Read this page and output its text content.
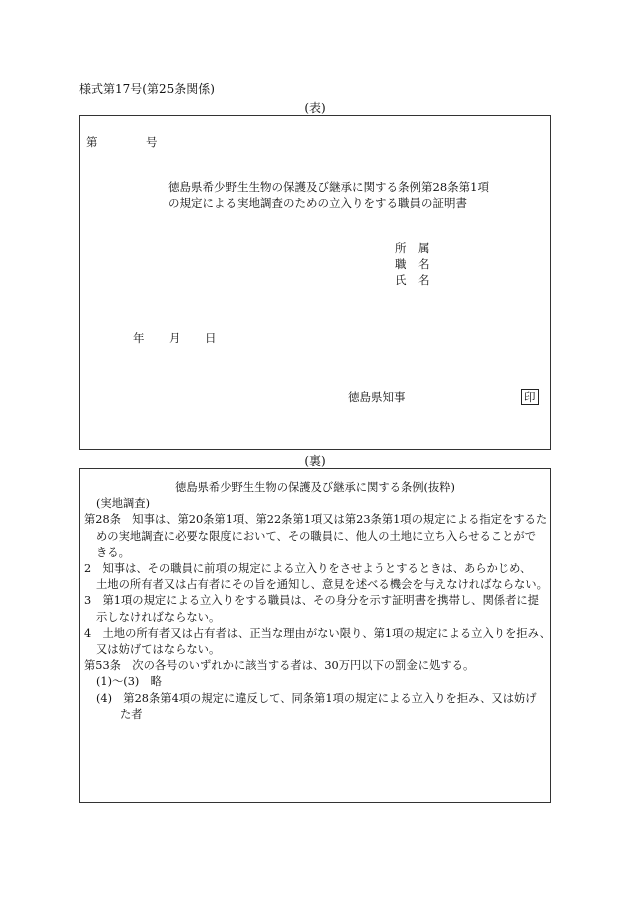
様式第17号(第25条関係)
(表)
第	号
徳島県希少野生生物の保護及び継承に関する条例第28条第1項
の規定による実地調査のための立入りをする職員の証明書
所　属
職　名
氏　名
年 月 日
徳島県知事	印
(裏)
徳島県希少野生生物の保護及び継承に関する条例(抜粋)
(実地調査)
第28条　知事は、第20条第1項、第22条第1項又は第23条第1項の規定による指定をするた
めの実地調査に必要な限度において、その職員に、他人の土地に立ち入らせることがで
きる。
2　知事は、その職員に前項の規定による立入りをさせようとするときは、あらかじめ、
土地の所有者又は占有者にその旨を通知し、意見を述べる機会を与えなければならない。
3　第1項の規定による立入りをする職員は、その身分を示す証明書を携帯し、関係者に提
示しなければならない。
4　土地の所有者又は占有者は、正当な理由がない限り、第1項の規定による立入りを拒み、
又は妨げてはならない。
第53条　次の各号のいずれかに該当する者は、30万円以下の罰金に処する。
(1)～(3)　略
(4)　第28条第4項の規定に違反して、同条第1項の規定による立入りを拒み、又は妨げ
た者
